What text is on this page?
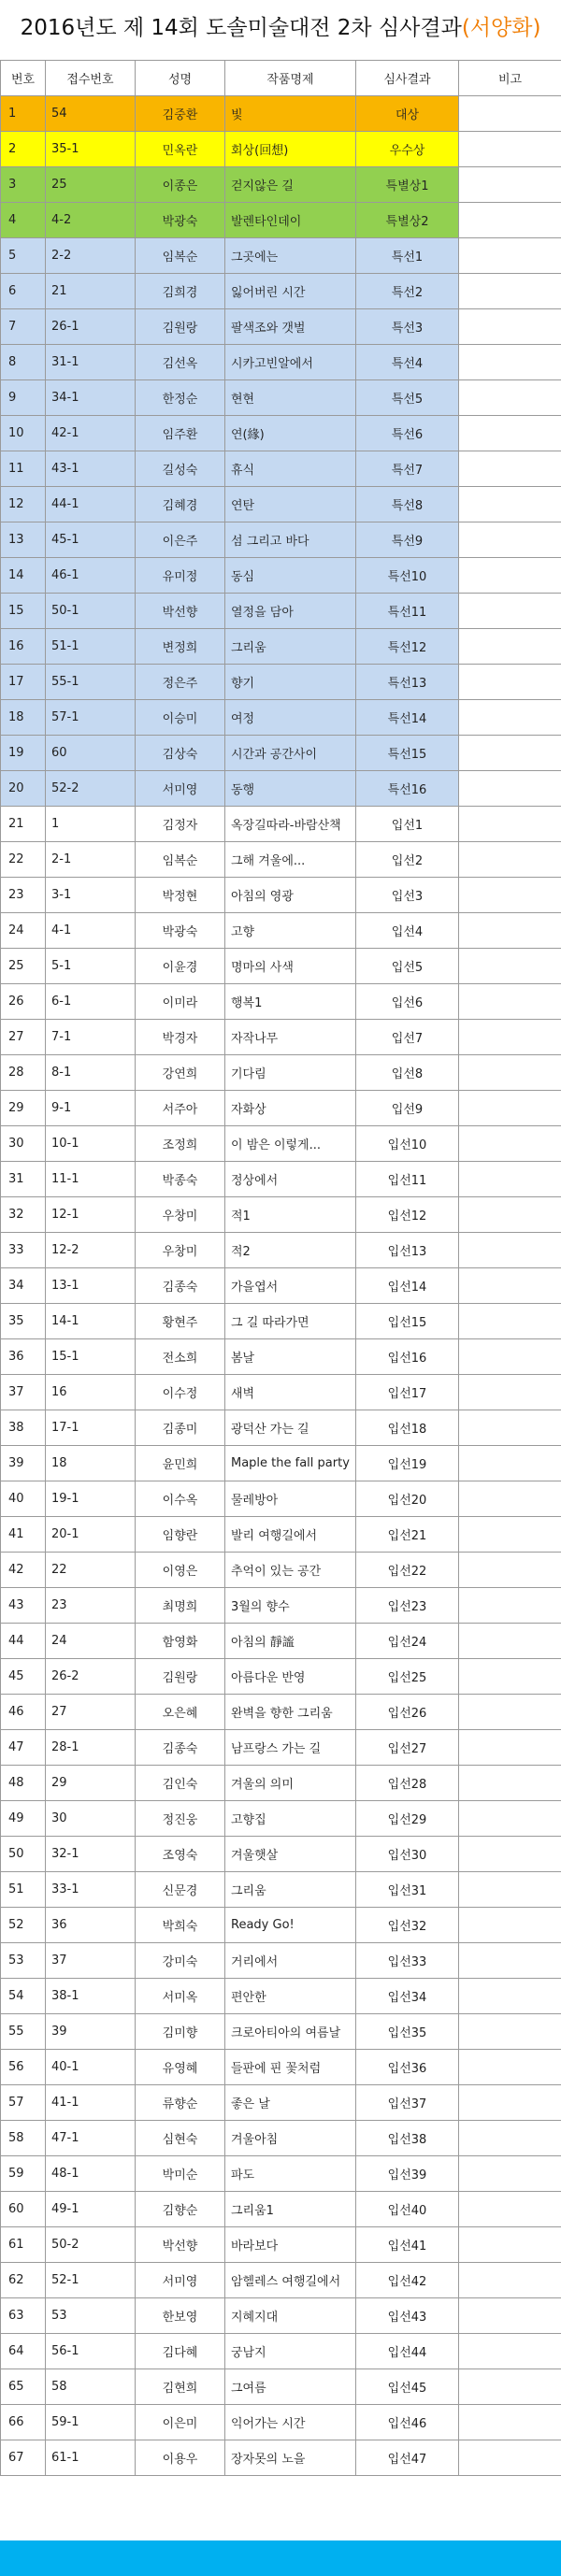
2016년도 제 14회 도솔미술대전 2차 심사결과(서양화)
번호	접수번호	성명	작품명제	심사결과	비고
1	54	김중환	빛	대상	
2	35-1	민옥란	회상(回想)	우수상	
3	25	이종은	걷지않은 길	특별상1	
4	4-2	박광숙	발렌타인데이	특별상2	
5	2-2	임복순	그곳에는	특선1	
6	21	김희경	잃어버린 시간	특선2	
7	26-1	김원랑	팔색조와 갯벌	특선3	
8	31-1	김선옥	시카고빈알에서	특선4	
9	34-1	한정순	현현	특선5	
10	42-1	임주환	연(緣)	특선6	
11	43-1	길성숙	휴식	특선7	
12	44-1	김혜경	연탄	특선8	
13	45-1	이은주	섬 그리고 바다	특선9	
14	46-1	유미정	동심	특선10	
15	50-1	박선향	열정을 담아	특선11	
16	51-1	변정희	그리움	특선12	
17	55-1	정은주	향기	특선13	
18	57-1	이승미	여정	특선14	
19	60	김상숙	시간과 공간사이	특선15	
20	52-2	서미영	동행	특선16	
21	1	김정자	옥장길따라-바람산책	입선1	
22	2-1	임복순	그해 겨울에...	입선2	
23	3-1	박정현	아침의 영광	입선3	
24	4-1	박광숙	고향	입선4	
25	5-1	이윤경	명마의 사색	입선5	
26	6-1	이미라	행복1	입선6	
27	7-1	박경자	자작나무	입선7	
28	8-1	강연희	기다림	입선8	
29	9-1	서주아	자화상	입선9	
30	10-1	조정희	이 밤은 이렇게...	입선10	
31	11-1	박종숙	정상에서	입선11	
32	12-1	우창미	적1	입선12	
33	12-2	우창미	적2	입선13	
34	13-1	김종숙	가을엽서	입선14	
35	14-1	황현주	그 길 따라가면	입선15	
36	15-1	전소희	봄날	입선16	
37	16	이수정	새벽	입선17	
38	17-1	김종미	광덕산 가는 길	입선18	
39	18	윤민희	Maple the fall party	입선19	
40	19-1	이수옥	물레방아	입선20	
41	20-1	임향란	발리 여행길에서	입선21	
42	22	이영은	추억이 있는 공간	입선22	
43	23	최명희	3월의 향수	입선23	
44	24	함영화	아침의 靜謐	입선24	
45	26-2	김원랑	아름다운 반영	입선25	
46	27	오은혜	완벽을 향한 그리움	입선26	
47	28-1	김종숙	남프랑스 가는 길	입선27	
48	29	김인숙	겨울의 의미	입선28	
49	30	정진웅	고향집	입선29	
50	32-1	조영숙	겨울햇살	입선30	
51	33-1	신문경	그리움	입선31	
52	36	박희숙	Ready Go!	입선32	
53	37	강미숙	거리에서	입선33	
54	38-1	서미옥	편안한	입선34	
55	39	김미향	크로아티아의 여름날	입선35	
56	40-1	유영혜	들판에 핀 꽃처럼	입선36	
57	41-1	류향순	좋은 날	입선37	
58	47-1	심현숙	겨울아침	입선38	
59	48-1	박미순	파도	입선39	
60	49-1	김향순	그리움1	입선40	
61	50-2	박선향	바라보다	입선41	
62	52-1	서미영	암헬레스 여행길에서	입선42	
63	53	한보영	지혜지대	입선43	
64	56-1	김다혜	궁남지	입선44	
65	58	김현희	그여름	입선45	
66	59-1	이은미	익어가는 시간	입선46	
67	61-1	이용우	장자못의 노을	입선47	
